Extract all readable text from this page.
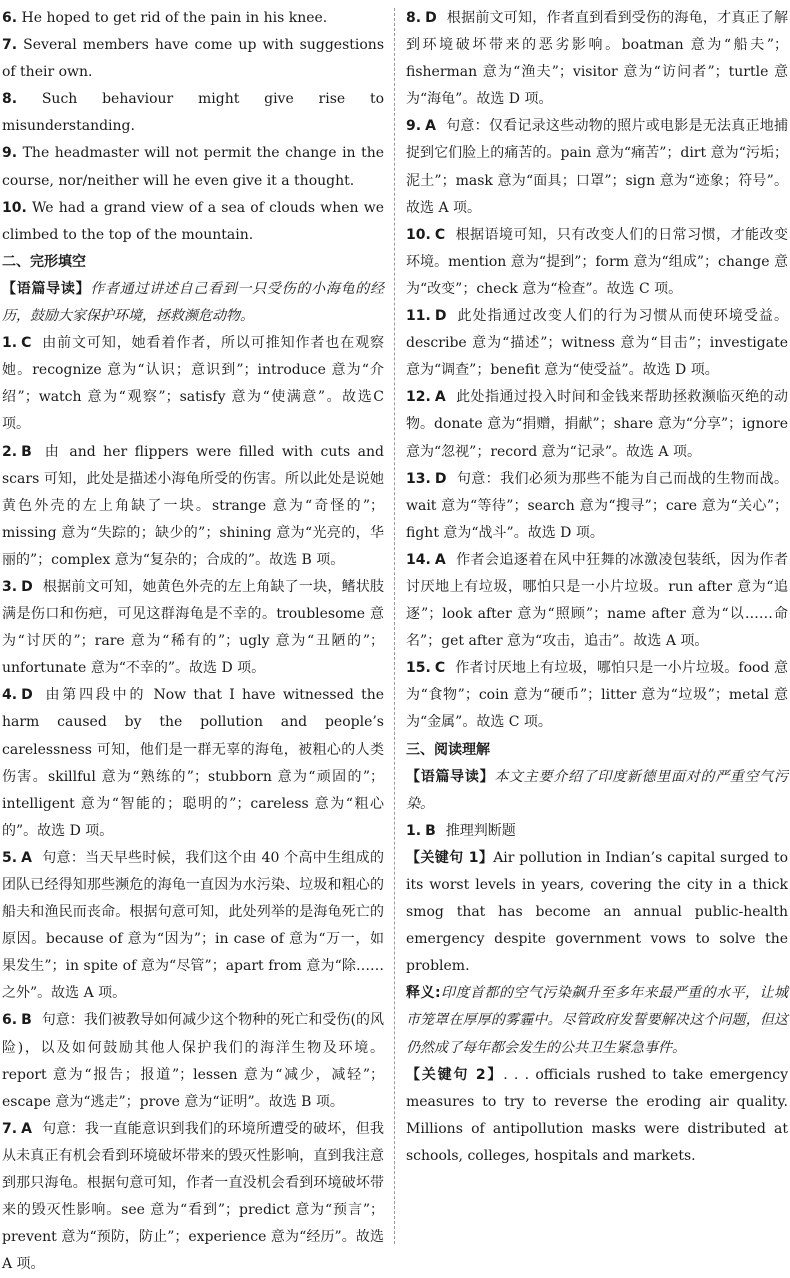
6. He hoped to get rid of the pain in his knee.

7. Several members have come up with suggestions of their own.

8. Such behaviour might give rise to misunderstanding.

9. The headmaster will not permit the change in the course, nor/neither will he even give it a thought.

10. We had a grand view of a sea of clouds when we climbed to the top of the mountain.

二、完形填空

【语篇导读】作者通过讲述自己看到一只受伤的小海龟的经历，鼓励大家保护环境，拯救濒危动物。

1. C 由前文可知，她看着作者，所以可推知作者也在观察她。recognize 意为“认识；意识到”；introduce 意为“介绍”；watch 意为“观察”；satisfy 意为“使满意”。故选C项。

2. B 由 and her flippers were filled with cuts and scars 可知，此处是描述小海龟所受的伤害。所以此处是说她黄色外壳的左上角缺了一块。strange 意为“奇怪的”；missing 意为“失踪的；缺少的”；shining 意为“光亮的，华丽的”；complex 意为“复杂的；合成的”。故选 B 项。

3. D 根据前文可知，她黄色外壳的左上角缺了一块，鳍状肢满是伤口和伤疤，可见这群海龟是不幸的。troublesome 意为“讨厌的”；rare 意为“稀有的”；ugly 意为“丑陋的”；unfortunate 意为“不幸的”。故选 D 项。

4. D 由第四段中的 Now that I have witnessed the harm caused by the pollution and people’s carelessness 可知，他们是一群无辜的海龟，被粗心的人类伤害。skillful 意为“熟练的”；stubborn 意为“顽固的”；intelligent 意为“智能的；聪明的”；careless 意为“粗心的”。故选 D 项。

5. A 句意：当天早些时候，我们这个由 40 个高中生组成的团队已经得知那些濒危的海龟一直因为水污染、垃圾和粗心的船夫和渔民而丧命。根据句意可知，此处列举的是海龟死亡的原因。because of 意为“因为”；in case of 意为“万一，如果发生”；in spite of 意为“尽管”；apart from 意为“除……之外”。故选 A 项。

6. B 句意：我们被教导如何减少这个物种的死亡和受伤(的风险)，以及如何鼓励其他人保护我们的海洋生物及环境。report 意为“报告；报道”；lessen 意为“减少，减轻”；escape 意为“逃走”；prove 意为“证明”。故选 B 项。

7. A 句意：我一直能意识到我们的环境所遭受的破坏，但我从未真正有机会看到环境破坏带来的毁灭性影响，直到我注意到那只海龟。根据句意可知，作者一直没机会看到环境破坏带来的毁灭性影响。see 意为“看到”；predict 意为“预言”；prevent 意为“预防，防止”；experience 意为“经历”。故选 A 项。

8. D 根据前文可知，作者直到看到受伤的海龟，才真正了解到环境破坏带来的恶劣影响。boatman 意为“船夫”；fisherman 意为“渔夫”；visitor 意为“访问者”；turtle 意为“海龟”。故选 D 项。

9. A 句意：仅看记录这些动物的照片或电影是无法真正地捕捉到它们脸上的痛苦的。pain 意为“痛苦”；dirt 意为“污垢；泥土”；mask 意为“面具；口罩”；sign 意为“迹象；符号”。故选 A 项。

10. C 根据语境可知，只有改变人们的日常习惯，才能改变环境。mention 意为“提到”；form 意为“组成”；change 意为“改变”；check 意为“检查”。故选 C 项。

11. D 此处指通过改变人们的行为习惯从而使环境受益。describe 意为“描述”；witness 意为“目击”；investigate 意为“调查”；benefit 意为“使受益”。故选 D 项。

12. A 此处指通过投入时间和金钱来帮助拯救濒临灭绝的动物。donate 意为“捐赠，捐献”；share 意为“分享”；ignore 意为“忽视”；record 意为“记录”。故选 A 项。

13. D 句意：我们必须为那些不能为自己而战的生物而战。wait 意为“等待”；search 意为“搜寻”；care 意为“关心”；fight 意为“战斗”。故选 D 项。

14. A 作者会追逐着在风中狂舞的冰激凌包装纸，因为作者讨厌地上有垃圾，哪怕只是一小片垃圾。run after 意为“追逐”；look after 意为“照顾”；name after 意为“以……命名”；get after 意为“攻击，追击”。故选 A 项。

15. C 作者讨厌地上有垃圾，哪怕只是一小片垃圾。food 意为“食物”；coin 意为“硬币”；litter 意为“垃圾”；metal 意为“金属”。故选 C 项。

三、阅读理解

【语篇导读】本文主要介绍了印度新德里面对的严重空气污染。

1. B 推理判断题

【关键句 1】Air pollution in Indian’s capital surged to its worst levels in years, covering the city in a thick smog that has become an annual public-health emergency despite government vows to solve the problem.

释义:印度首都的空气污染飙升至多年来最严重的水平，让城市笼罩在厚厚的雾霾中。尽管政府发誓要解决这个问题，但这仍然成了每年都会发生的公共卫生紧急事件。

【关键句 2】. . . officials rushed to take emergency measures to try to reverse the eroding air quality. Millions of antipollution masks were distributed at schools, colleges, hospitals and markets.
